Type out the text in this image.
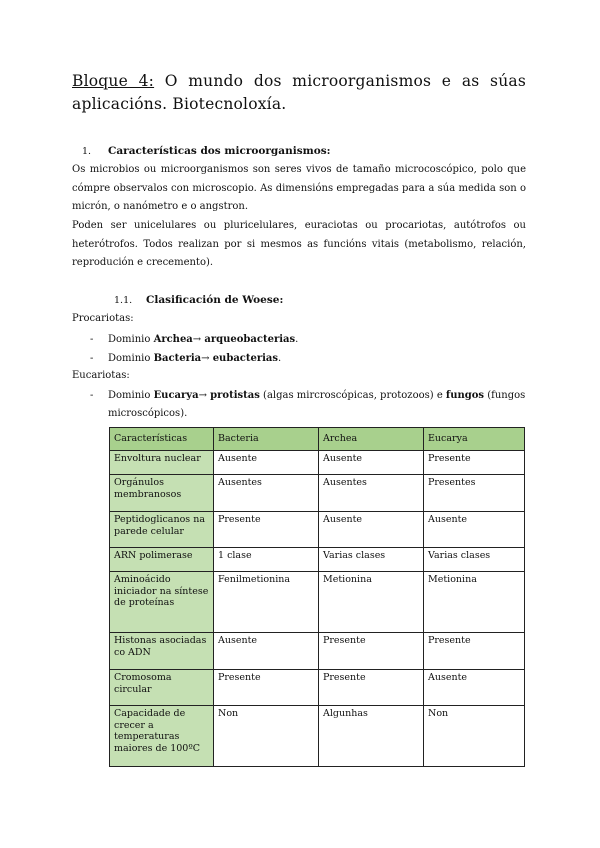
Bloque 4: O mundo dos microorganismos e as súas aplicacións. Biotecnoloxía.
1. Características dos microorganismos:
Os microbios ou microorganismos son seres vivos de tamaño microcoscópico, polo que cómpre observalos con microscopio. As dimensións empregadas para a súa medida son o micrón, o nanómetro e o angstron.
Poden ser unicelulares ou pluricelulares, euraciotas ou procariotas, autótrofos ou heterótrofos. Todos realizan por si mesmos as funcións vitais (metabolismo, relación, reprodución e crecemento).
1.1. Clasificación de Woese:
Procariotas:
- Dominio Archea→ arqueobacterias.
- Dominio Bacteria→ eubacterias.
Eucariotas:
-	Dominio Eucarya→ protistas (algas mircroscópicas, protozoos) e fungos (fungos microscópicos).
Características	Bacteria	Archea	Eucarya
Envoltura nuclear	Ausente	Ausente	Presente
Orgánulos membranosos	Ausentes	Ausentes	Presentes
Peptidoglicanos na parede celular	Presente	Ausente	Ausente
ARN polimerase	1 clase	Varias clases	Varias clases
Aminoácido iniciador na síntese de proteínas	Fenilmetionina	Metionina	Metionina
Histonas asociadas co ADN	Ausente	Presente	Presente
Cromosoma circular	Presente	Presente	Ausente
Capacidade de crecer a temperaturas maiores de 100ºC	Non	Algunhas	Non
